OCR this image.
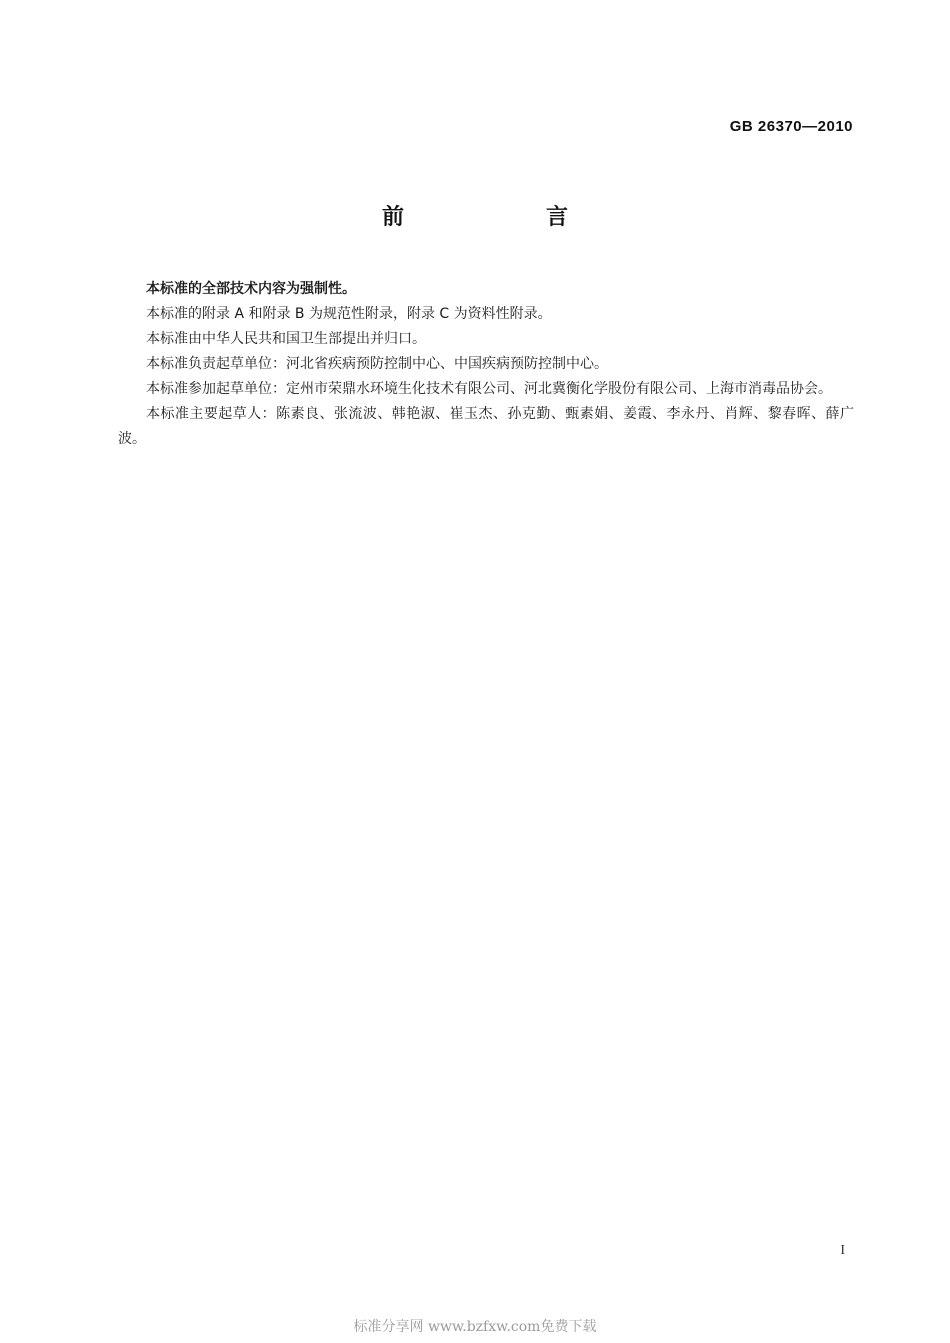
GB 26370—2010
前　言

本标准的全部技术内容为强制性。

本标准的附录 A 和附录 B 为规范性附录，附录 C 为资料性附录。

本标准由中华人民共和国卫生部提出并归口。

本标准负责起草单位：河北省疾病预防控制中心、中国疾病预防控制中心。

本标准参加起草单位：定州市荣鼎水环境生化技术有限公司、河北冀衡化学股份有限公司、上海市消毒品协会。

本标准主要起草人：陈素良、张流波、韩艳淑、崔玉杰、孙克勤、甄素娟、姜霞、李永丹、肖辉、黎春晖、薛广波。

I
标准分享网 www.bzfxw.com免费下载
